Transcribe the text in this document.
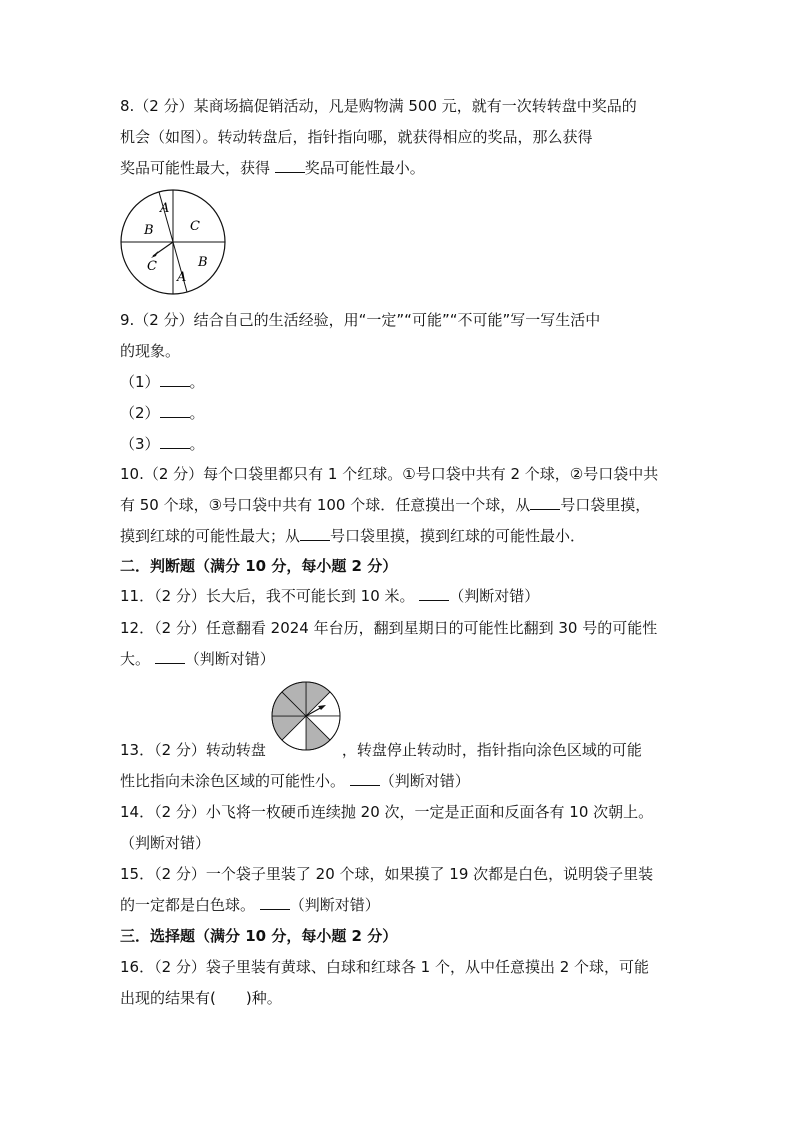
8.（2 分）某商场搞促销活动，凡是购物满 500 元，就有一次转转盘中奖品的
机会（如图）。转动转盘后，指针指向哪，就获得相应的奖品，那么获得
奖品可能性最大，获得 奖品可能性最小。
A
C
B
C
A
B
9.（2 分）结合自己的生活经验，用“一定”“可能”“不可能”写一写生活中
的现象。
（1） 。
（2） 。
（3） 。
10.（2 分）每个口袋里都只有 1 个红球。①号口袋中共有 2 个球，②号口袋中共
有 50 个球，③号口袋中共有 100 个球．任意摸出一个球，从 号口袋里摸，
摸到红球的可能性最大；从 号口袋里摸，摸到红球的可能性最小．
二．判断题（满分 10 分，每小题 2 分）
11．（2 分）长大后，我不可能长到 10 米。 （判断对错）
12．（2 分）任意翻看 2024 年台历，翻到星期日的可能性比翻到 30 号的可能性
大。 （判断对错）
13．（2 分）转动转盘	，转盘停止转动时，指针指向涂色区域的可能
性比指向未涂色区域的可能性小。 （判断对错）
14．（2 分）小飞将一枚硬币连续抛 20 次，一定是正面和反面各有 10 次朝上。
（判断对错）
15．（2 分）一个袋子里装了 20 个球，如果摸了 19 次都是白色，说明袋子里装
的一定都是白色球。 （判断对错）
三．选择题（满分 10 分，每小题 2 分）
16．（2 分）袋子里装有黄球、白球和红球各 1 个，从中任意摸出 2 个球，可能
出现的结果有(　　)种。
